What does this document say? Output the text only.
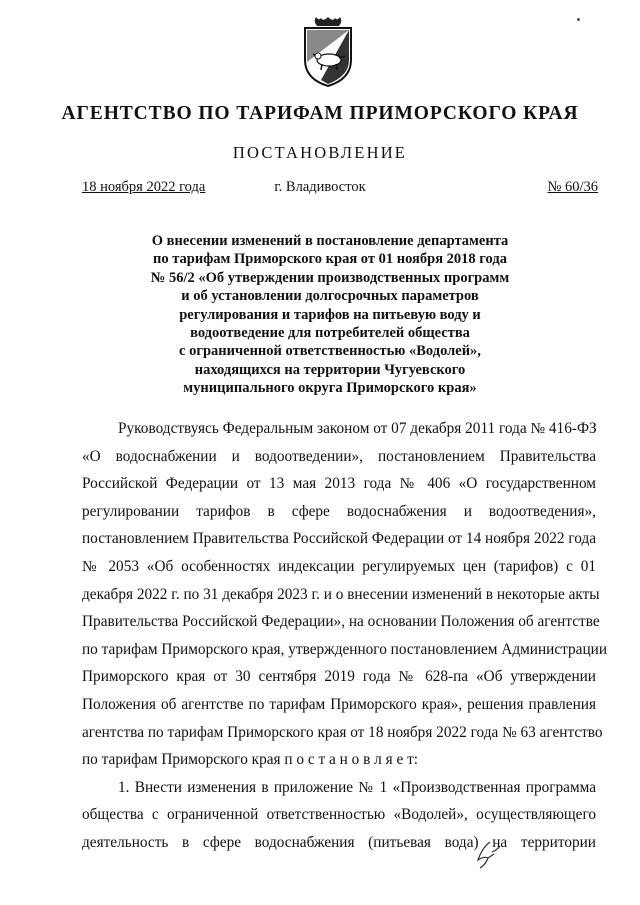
АГЕНТСТВО ПО ТАРИФАМ ПРИМОРСКОГО КРАЯ
ПОСТАНОВЛЕНИЕ
18 ноября 2022 года	г. Владивосток	№ 60/36
О внесении изменений в постановление департамента
по тарифам Приморского края от 01 ноября 2018 года
№ 56/2 «Об утверждении производственных программ
и об установлении долгосрочных параметров
регулирования и тарифов на питьевую воду и
водоотведение для потребителей общества
с ограниченной ответственностью «Водолей»,
находящихся на территории Чугуевского
муниципального округа Приморского края»
Руководствуясь Федеральным законом от 07 декабря 2011 года № 416-ФЗ
«О водоснабжении и водоотведении», постановлением Правительства
Российской Федерации от 13 мая 2013 года № 406 «О государственном
регулировании тарифов в сфере водоснабжения и водоотведения»,
постановлением Правительства Российской Федерации от 14 ноября 2022 года
№ 2053 «Об особенностях индексации регулируемых цен (тарифов) с 01
декабря 2022 г. по 31 декабря 2023 г. и о внесении изменений в некоторые акты
Правительства Российской Федерации», на основании Положения об агентстве
по тарифам Приморского края, утвержденного постановлением Администрации
Приморского края от 30 сентября 2019 года № 628-па «Об утверждении
Положения об агентстве по тарифам Приморского края», решения правления
агентства по тарифам Приморского края от 18 ноября 2022 года № 63 агентство
по тарифам Приморского края п о с т а н о в л я е т:
1. Внести изменения в приложение № 1 «Производственная программа
общества с ограниченной ответственностью «Водолей», осуществляющего
деятельность в сфере водоснабжения (питьевая вода) на территории
